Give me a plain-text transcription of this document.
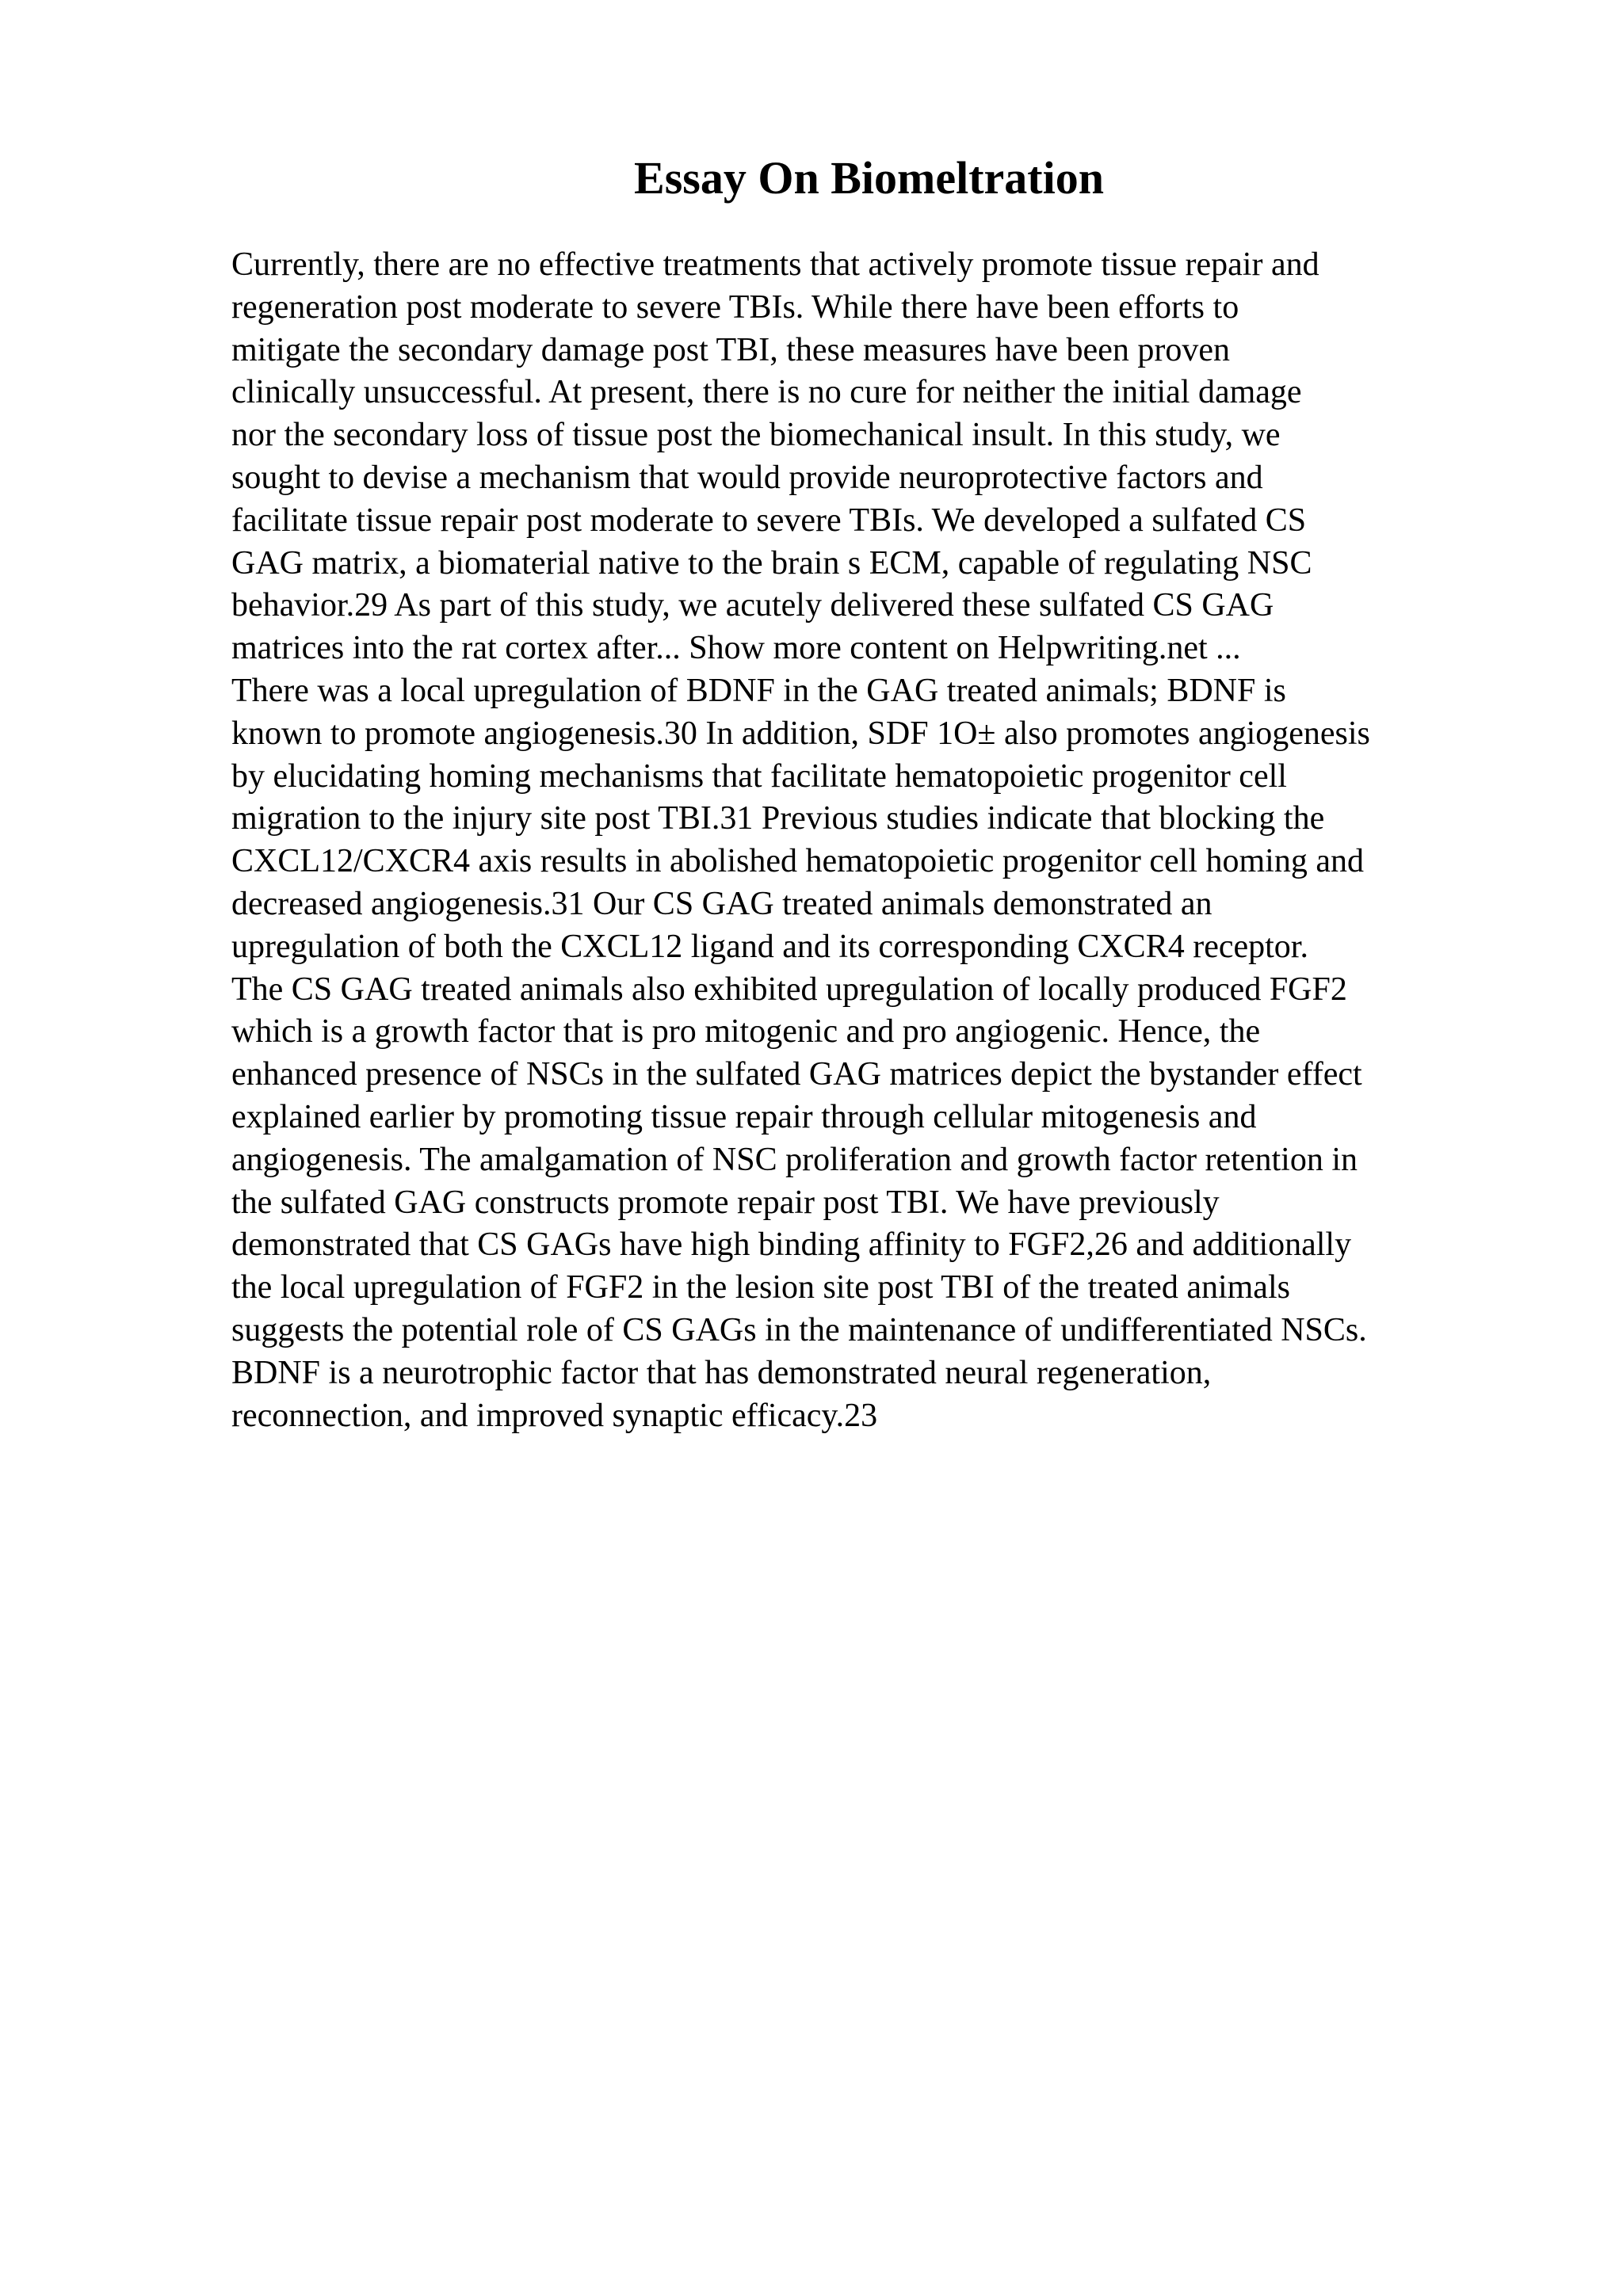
Essay On Biomeltration
Currently, there are no effective treatments that actively promote tissue repair and
regeneration post moderate to severe TBIs. While there have been efforts to
mitigate the secondary damage post TBI, these measures have been proven
clinically unsuccessful. At present, there is no cure for neither the initial damage
nor the secondary loss of tissue post the biomechanical insult. In this study, we
sought to devise a mechanism that would provide neuroprotective factors and
facilitate tissue repair post moderate to severe TBIs. We developed a sulfated CS
GAG matrix, a biomaterial native to the brain s ECM, capable of regulating NSC
behavior.29 As part of this study, we acutely delivered these sulfated CS GAG
matrices into the rat cortex after... Show more content on Helpwriting.net ...
There was a local upregulation of BDNF in the GAG treated animals; BDNF is
known to promote angiogenesis.30 In addition, SDF 1O± also promotes angiogenesis
by elucidating homing mechanisms that facilitate hematopoietic progenitor cell
migration to the injury site post TBI.31 Previous studies indicate that blocking the
CXCL12/CXCR4 axis results in abolished hematopoietic progenitor cell homing and
decreased angiogenesis.31 Our CS GAG treated animals demonstrated an
upregulation of both the CXCL12 ligand and its corresponding CXCR4 receptor.
The CS GAG treated animals also exhibited upregulation of locally produced FGF2
which is a growth factor that is pro mitogenic and pro angiogenic. Hence, the
enhanced presence of NSCs in the sulfated GAG matrices depict the bystander effect
explained earlier by promoting tissue repair through cellular mitogenesis and
angiogenesis. The amalgamation of NSC proliferation and growth factor retention in
the sulfated GAG constructs promote repair post TBI. We have previously
demonstrated that CS GAGs have high binding affinity to FGF2,26 and additionally
the local upregulation of FGF2 in the lesion site post TBI of the treated animals
suggests the potential role of CS GAGs in the maintenance of undifferentiated NSCs.
BDNF is a neurotrophic factor that has demonstrated neural regeneration,
reconnection, and improved synaptic efficacy.23
